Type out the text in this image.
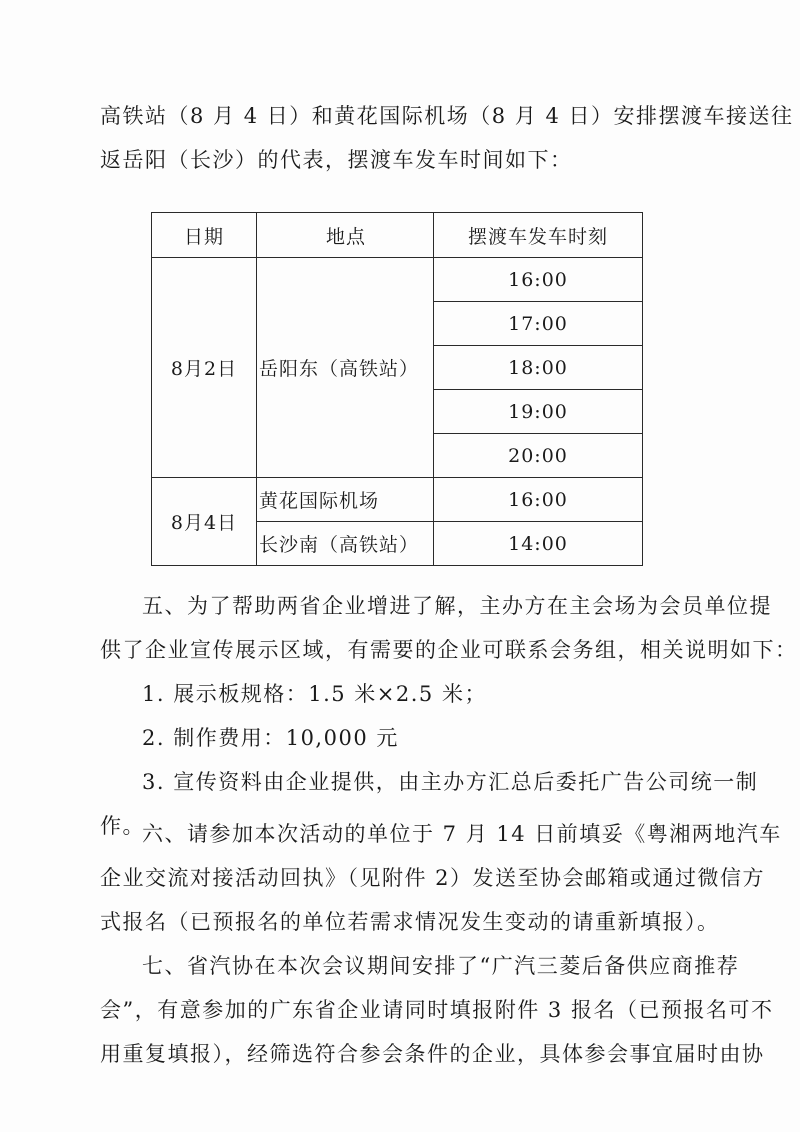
高铁站（8 月 4 日）和黄花国际机场（8 月 4 日）安排摆渡车接送往
返岳阳（长沙）的代表，摆渡车发车时间如下：

日期	地点	摆渡车发车时刻
8月2日	岳阳东（高铁站）	16:00
		17:00
		18:00
		19:00
		20:00
8月4日	黄花国际机场	16:00
	长沙南（高铁站）	14:00

五、为了帮助两省企业增进了解，主办方在主会场为会员单位提
供了企业宣传展示区域，有需要的企业可联系会务组，相关说明如下：
1. 展示板规格：1.5 米×2.5 米；
2. 制作费用：10,000 元
3. 宣传资料由企业提供，由主办方汇总后委托广告公司统一制
作。

六、请参加本次活动的单位于 7 月 14 日前填妥《粤湘两地汽车
企业交流对接活动回执》（见附件 2）发送至协会邮箱或通过微信方
式报名（已预报名的单位若需求情况发生变动的请重新填报）。

七、省汽协在本次会议期间安排了“广汽三菱后备供应商推荐
会”，有意参加的广东省企业请同时填报附件 3 报名（已预报名可不
用重复填报），经筛选符合参会条件的企业，具体参会事宜届时由协
